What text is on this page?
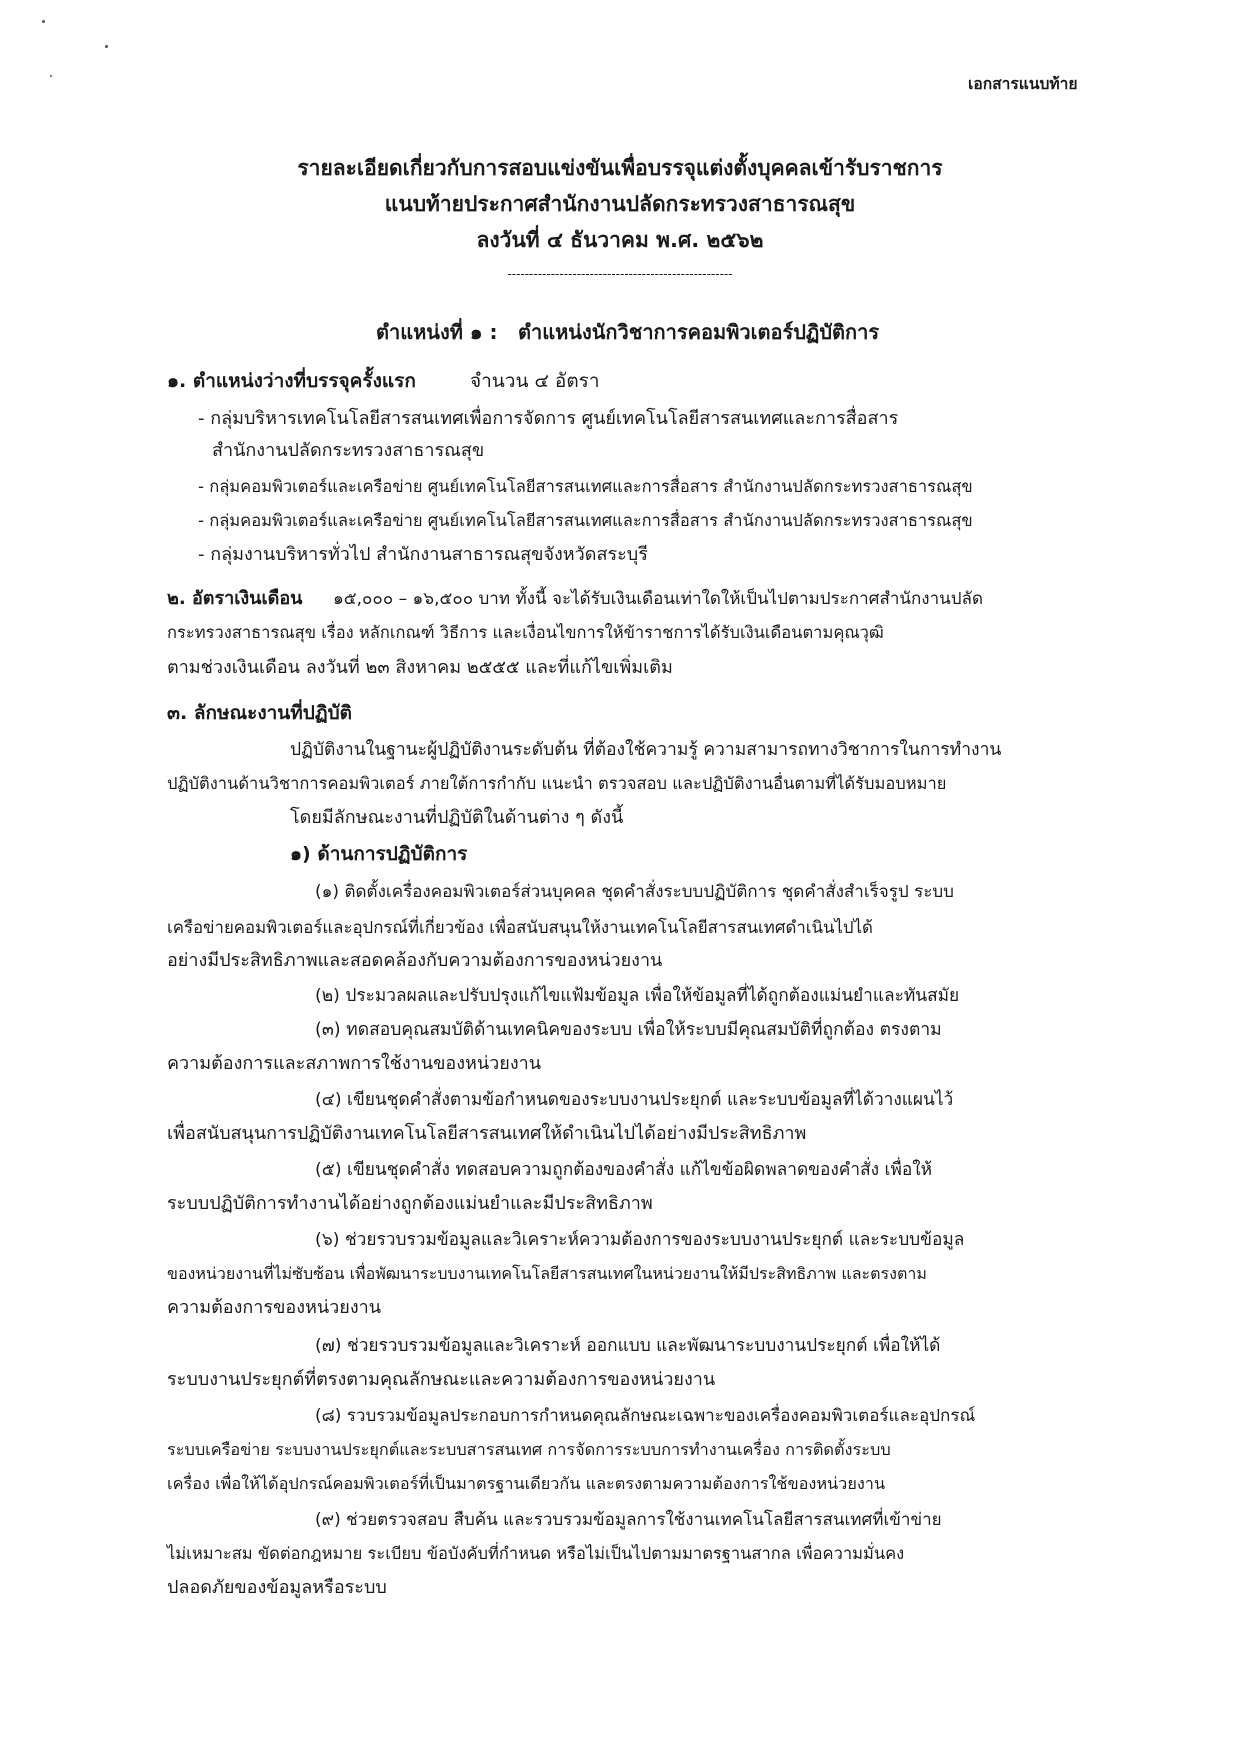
เอกสารแนบท้าย
รายละเอียดเกี่ยวกับการสอบแข่งขันเพื่อบรรจุแต่งตั้งบุคคลเข้ารับราชการ
แนบท้ายประกาศสำนักงานปลัดกระทรวงสาธารณสุข
ลงวันที่ ๔ ธันวาคม พ.ศ. ๒๕๖๒
----------------------------------------------------
ตำแหน่งที่ ๑ : ตำแหน่งนักวิชาการคอมพิวเตอร์ปฏิบัติการ
๑. ตำแหน่งว่างที่บรรจุครั้งแรก	จำนวน ๔ อัตรา
- กลุ่มบริหารเทคโนโลยีสารสนเทศเพื่อการจัดการ ศูนย์เทคโนโลยีสารสนเทศและการสื่อสาร
สำนักงานปลัดกระทรวงสาธารณสุข
- กลุ่มคอมพิวเตอร์และเครือข่าย ศูนย์เทคโนโลยีสารสนเทศและการสื่อสาร สำนักงานปลัดกระทรวงสาธารณสุข
- กลุ่มคอมพิวเตอร์และเครือข่าย ศูนย์เทคโนโลยีสารสนเทศและการสื่อสาร สำนักงานปลัดกระทรวงสาธารณสุข
- กลุ่มงานบริหารทั่วไป สำนักงานสาธารณสุขจังหวัดสระบุรี
๒. อัตราเงินเดือน ๑๕,๐๐๐ – ๑๖,๕๐๐ บาท ทั้งนี้ จะได้รับเงินเดือนเท่าใดให้เป็นไปตามประกาศสำนักงานปลัด
กระทรวงสาธารณสุข เรื่อง หลักเกณฑ์ วิธีการ และเงื่อนไขการให้ข้าราชการได้รับเงินเดือนตามคุณวุฒิ
ตามช่วงเงินเดือน ลงวันที่ ๒๓ สิงหาคม ๒๕๕๕ และที่แก้ไขเพิ่มเติม
๓. ลักษณะงานที่ปฏิบัติ
ปฏิบัติงานในฐานะผู้ปฏิบัติงานระดับต้น ที่ต้องใช้ความรู้ ความสามารถทางวิชาการในการทำงาน
ปฏิบัติงานด้านวิชาการคอมพิวเตอร์ ภายใต้การกำกับ แนะนำ ตรวจสอบ และปฏิบัติงานอื่นตามที่ได้รับมอบหมาย
โดยมีลักษณะงานที่ปฏิบัติในด้านต่าง ๆ ดังนี้
๑) ด้านการปฏิบัติการ
(๑) ติดตั้งเครื่องคอมพิวเตอร์ส่วนบุคคล ชุดคำสั่งระบบปฏิบัติการ ชุดคำสั่งสำเร็จรูป ระบบ
เครือข่ายคอมพิวเตอร์และอุปกรณ์ที่เกี่ยวข้อง เพื่อสนับสนุนให้งานเทคโนโลยีสารสนเทศดำเนินไปได้
อย่างมีประสิทธิภาพและสอดคล้องกับความต้องการของหน่วยงาน
(๒) ประมวลผลและปรับปรุงแก้ไขแฟ้มข้อมูล เพื่อให้ข้อมูลที่ได้ถูกต้องแม่นยำและทันสมัย
(๓) ทดสอบคุณสมบัติด้านเทคนิคของระบบ เพื่อให้ระบบมีคุณสมบัติที่ถูกต้อง ตรงตาม
ความต้องการและสภาพการใช้งานของหน่วยงาน
(๔) เขียนชุดคำสั่งตามข้อกำหนดของระบบงานประยุกต์ และระบบข้อมูลที่ได้วางแผนไว้
เพื่อสนับสนุนการปฏิบัติงานเทคโนโลยีสารสนเทศให้ดำเนินไปได้อย่างมีประสิทธิภาพ
(๕) เขียนชุดคำสั่ง ทดสอบความถูกต้องของคำสั่ง แก้ไขข้อผิดพลาดของคำสั่ง เพื่อให้
ระบบปฏิบัติการทำงานได้อย่างถูกต้องแม่นยำและมีประสิทธิภาพ
(๖) ช่วยรวบรวมข้อมูลและวิเคราะห์ความต้องการของระบบงานประยุกต์ และระบบข้อมูล
ของหน่วยงานที่ไม่ซับซ้อน เพื่อพัฒนาระบบงานเทคโนโลยีสารสนเทศในหน่วยงานให้มีประสิทธิภาพ และตรงตาม
ความต้องการของหน่วยงาน
(๗) ช่วยรวบรวมข้อมูลและวิเคราะห์ ออกแบบ และพัฒนาระบบงานประยุกต์ เพื่อให้ได้
ระบบงานประยุกต์ที่ตรงตามคุณลักษณะและความต้องการของหน่วยงาน
(๘) รวบรวมข้อมูลประกอบการกำหนดคุณลักษณะเฉพาะของเครื่องคอมพิวเตอร์และอุปกรณ์
ระบบเครือข่าย ระบบงานประยุกต์และระบบสารสนเทศ การจัดการระบบการทำงานเครื่อง การติดตั้งระบบ
เครื่อง เพื่อให้ได้อุปกรณ์คอมพิวเตอร์ที่เป็นมาตรฐานเดียวกัน และตรงตามความต้องการใช้ของหน่วยงาน
(๙) ช่วยตรวจสอบ สืบค้น และรวบรวมข้อมูลการใช้งานเทคโนโลยีสารสนเทศที่เข้าข่าย
ไม่เหมาะสม ขัดต่อกฎหมาย ระเบียบ ข้อบังคับที่กำหนด หรือไม่เป็นไปตามมาตรฐานสากล เพื่อความมั่นคง
ปลอดภัยของข้อมูลหรือระบบ
